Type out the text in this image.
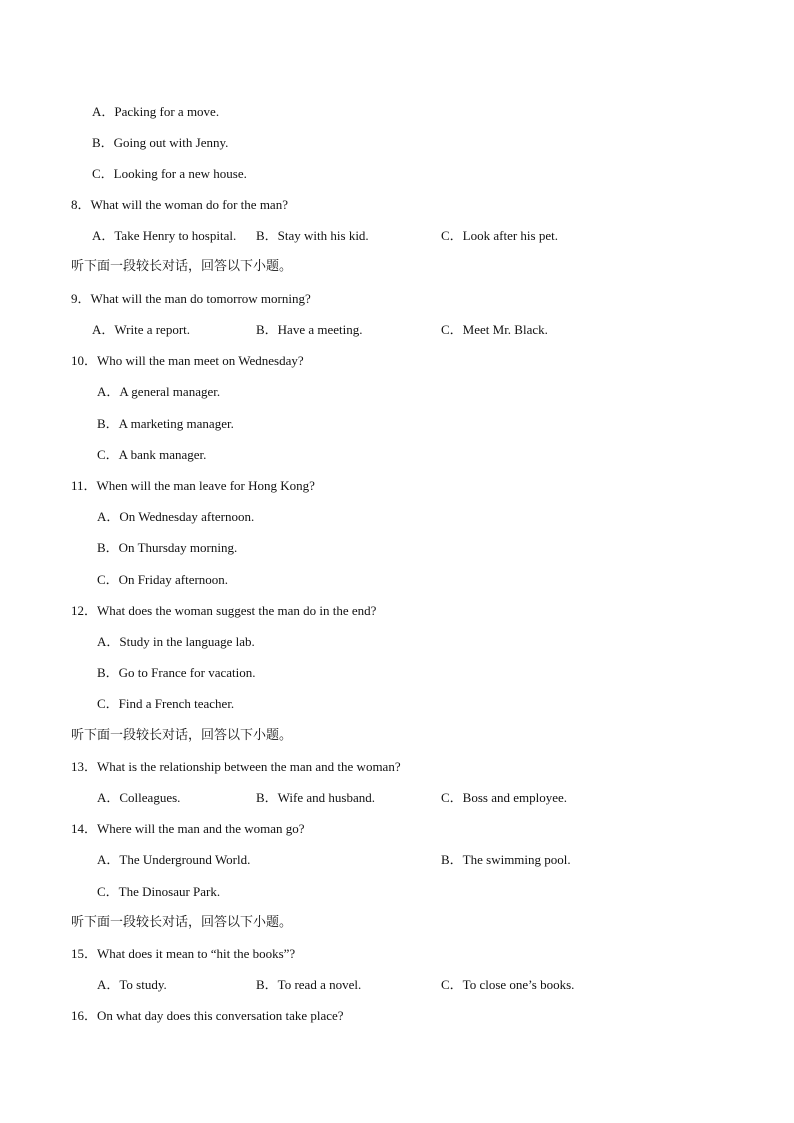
A．Packing for a move.
B．Going out with Jenny.
C．Looking for a new house.
8．What will the woman do for the man?
A．Take Henry to hospital. B．Stay with his kid.	C．Look after his pet.
听下面一段较长对话，回答以下小题。
9．What will the man do tomorrow morning?
A．Write a report.	B．Have a meeting.	C．Meet Mr. Black.
10．Who will the man meet on Wednesday?
A．A general manager.
B．A marketing manager.
C．A bank manager.
11．When will the man leave for Hong Kong?
A．On Wednesday afternoon.
B．On Thursday morning.
C．On Friday afternoon.
12．What does the woman suggest the man do in the end?
A．Study in the language lab.
B．Go to France for vacation.
C．Find a French teacher.
听下面一段较长对话，回答以下小题。
13．What is the relationship between the man and the woman?
A．Colleagues.	B．Wife and husband.	C．Boss and employee.
14．Where will the man and the woman go?
A．The Underground World.	B．The swimming pool.
C．The Dinosaur Park.
听下面一段较长对话，回答以下小题。
15．What does it mean to “hit the books”?
A．To study.	B．To read a novel.	C．To close one’s books.
16．On what day does this conversation take place?
